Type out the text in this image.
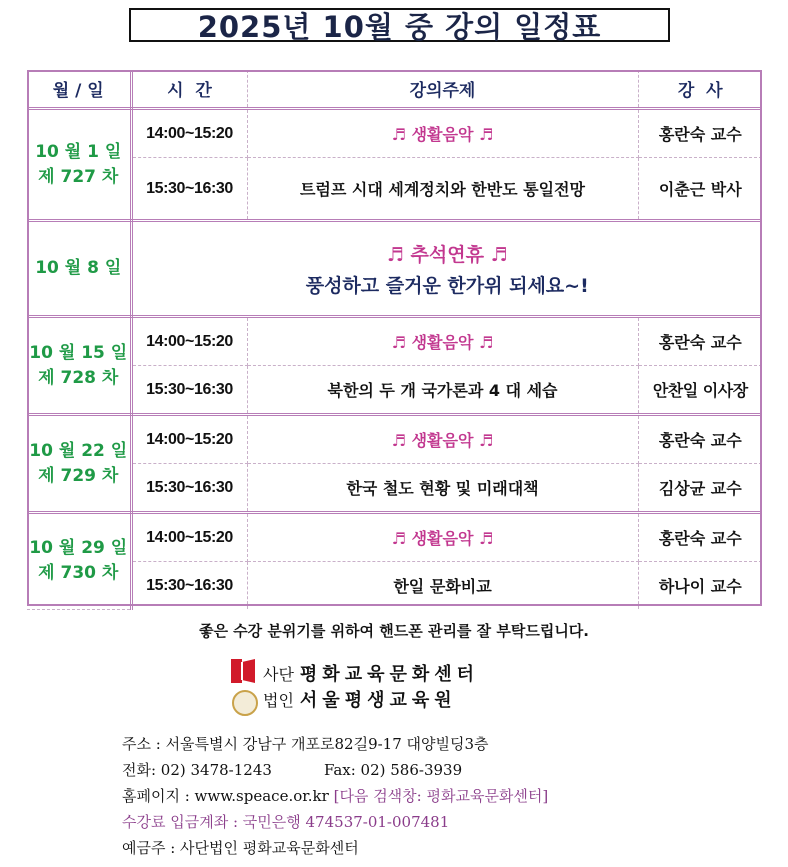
2025년 10월 중 강의 일정표
월 / 일	시  간	강의주제	강  사

10 월 1 일
제 727 차	14:00~15:20	♬ 생활음악 ♬	홍란숙 교수
	15:30~16:30	트럼프 시대 세계정치와 한반도 통일전망	이춘근 박사

10 월 8 일	♬ 추석연휴 ♬
풍성하고 즐거운 한가위 되세요~!		

10 월 15 일
제 728 차	14:00~15:20	♬ 생활음악 ♬	홍란숙 교수
	15:30~16:30	북한의 두 개 국가론과 4 대 세습	안찬일 이사장

10 월 22 일
제 729 차	14:00~15:20	♬ 생활음악 ♬	홍란숙 교수
	15:30~16:30	한국 철도 현황 및 미래대책	김상균 교수

10 월 29 일
제 730 차	14:00~15:20	♬ 생활음악 ♬	홍란숙 교수
	15:30~16:30	한일 문화비교	하나이 교수
좋은 수강 분위기를 위하여 핸드폰 관리를 잘 부탁드립니다.
사단 평화교육문화센터
법인 서울평생교육원
주소 : 서울특별시 강남구 개포로82길9-17 대양빌딩3층
전화: 02) 3478-1243	Fax: 02) 586-3939
홈페이지 : www.speace.or.kr [다음 검색창: 평화교육문화센터]
수강료 입금계좌 : 국민은행 474537-01-007481
예금주 : 사단법인 평화교육문화센터
